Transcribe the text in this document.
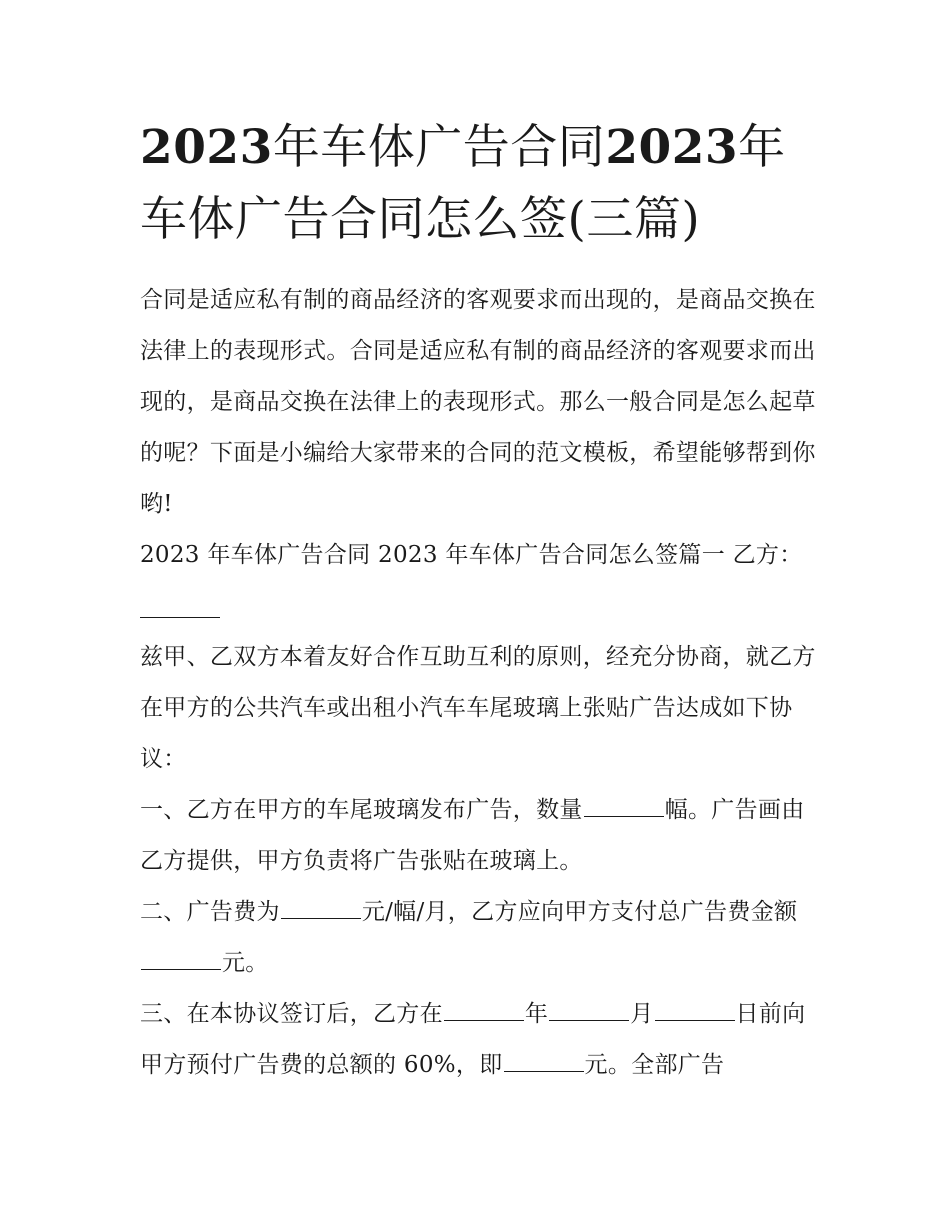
2023年车体广告合同2023年
车体广告合同怎么签(三篇)

合同是适应私有制的商品经济的客观要求而出现的，是商品交换在法律上的表现形式。合同是适应私有制的商品经济的客观要求而出现的，是商品交换在法律上的表现形式。那么一般合同是怎么起草的呢？下面是小编给大家带来的合同的范文模板，希望能够帮到你哟!

2023 年车体广告合同 2023 年车体广告合同怎么签篇一 乙方：

兹甲、乙双方本着友好合作互助互利的原则，经充分协商，就乙方在甲方的公共汽车或出租小汽车车尾玻璃上张贴广告达成如下协议：

一、乙方在甲方的车尾玻璃发布广告，数量	幅。广告画由乙方提供，甲方负责将广告张贴在玻璃上。

二、广告费为	元/幅/月，乙方应向甲方支付总广告费金额元。

三、在本协议签订后，乙方在	年	月	日前向甲方预付广告费的总额的 60%，即	元。全部广告
